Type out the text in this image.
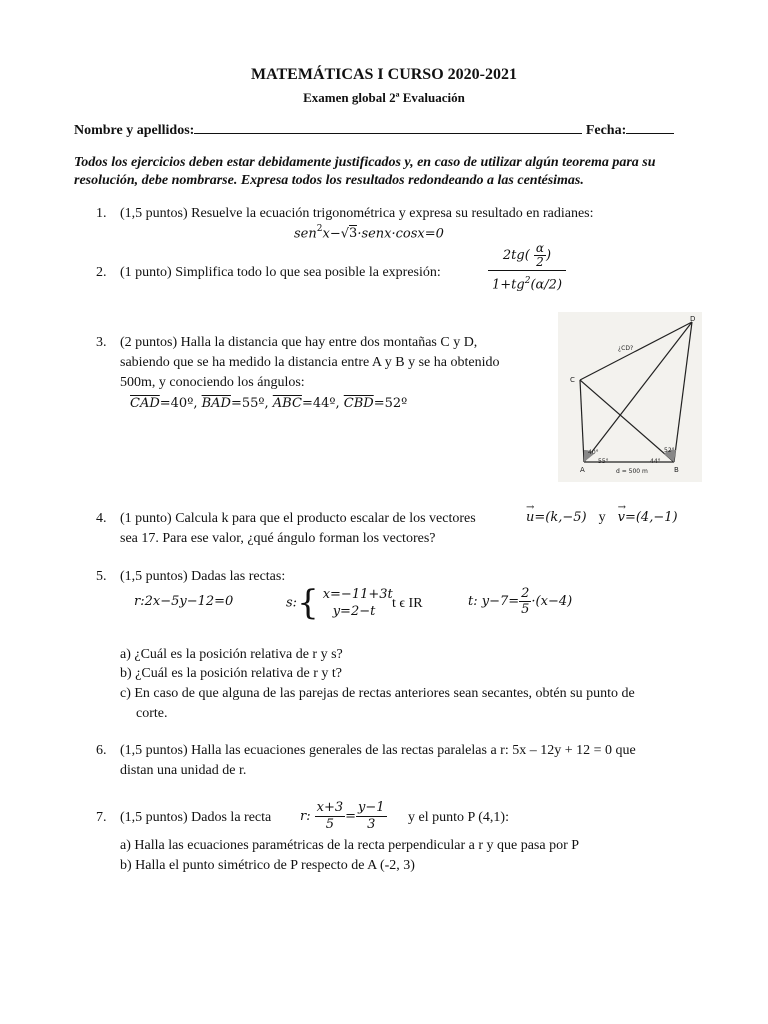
MATEMÁTICAS I CURSO 2020-2021
Examen global 2ª Evaluación
Nombre y apellidos:	Fecha:
Todos los ejercicios deben estar debidamente justificados y, en caso de utilizar algún teorema para su resolución, debe nombrarse. Expresa todos los resultados redondeando a las centésimas.
1. (1,5 puntos) Resuelve la ecuación trigonométrica y expresa su resultado en radianes:
sen$^2$x−√3·senx·cosx=0
2. (1 punto) Simplifica todo lo que sea posible la expresión:	$\frac{2tg( \frac{\alpha}{2} )}{1+tg^2(\alpha/2)}$
3. (2 puntos) Halla la distancia que hay entre dos montañas C y D,
sabiendo que se ha medido la distancia entre A y B y se ha obtenido
500m, y conociendo los ángulos:
$\overline{CAD}=40º$, $\overline{BAD}=55º$, $\overline{ABC}=44º$, $\overline{CBD}=52º$
A	B
C
D
¿CD?
40°
55°	44°
52°
d = 500 m
4. (1 punto) Calcula k para que el producto escalar de los vectores	u
→
=(k,−5) y v
→
=(4,−1)
sea 17. Para ese valor, ¿qué ángulo forman los vectores?
5. (1,5 puntos) Dadas las rectas:
r:2x−5y−12=0	s:{ x=−11+3t
y=2−t
t ϵ IR	t: $y-7= \frac{2}{5} \cdot(x-4)$
a) ¿Cuál es la posición relativa de r y s?
b) ¿Cuál es la posición relativa de r y t?
c) En caso de que alguna de las parejas de rectas anteriores sean secantes, obtén su punto de
corte.
6. (1,5 puntos) Halla las ecuaciones generales de las rectas paralelas a r: 5x – 12y + 12 = 0 que
distan una unidad de r.
7. (1,5 puntos) Dados la recta r: $\frac{x+3}{5} = \frac{y-1}{3}$ y el punto P (4,1):
a) Halla las ecuaciones paramétricas de la recta perpendicular a r y que pasa por P
b) Halla el punto simétrico de P respecto de A (-2, 3)
